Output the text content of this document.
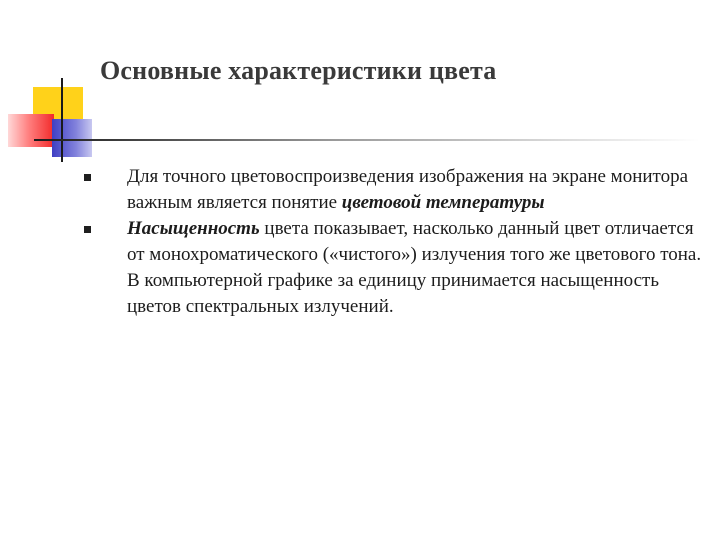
Основные характеристики цвета
Для точного цветовоспроизведения изображения на экране монитора важным является понятие цветовой температуры
Насыщенность цвета показывает, насколько данный цвет отличается от монохроматического («чистого») излучения того же цветового тона. В компьютерной графике за единицу принимается насыщенность цветов спектральных излучений.
